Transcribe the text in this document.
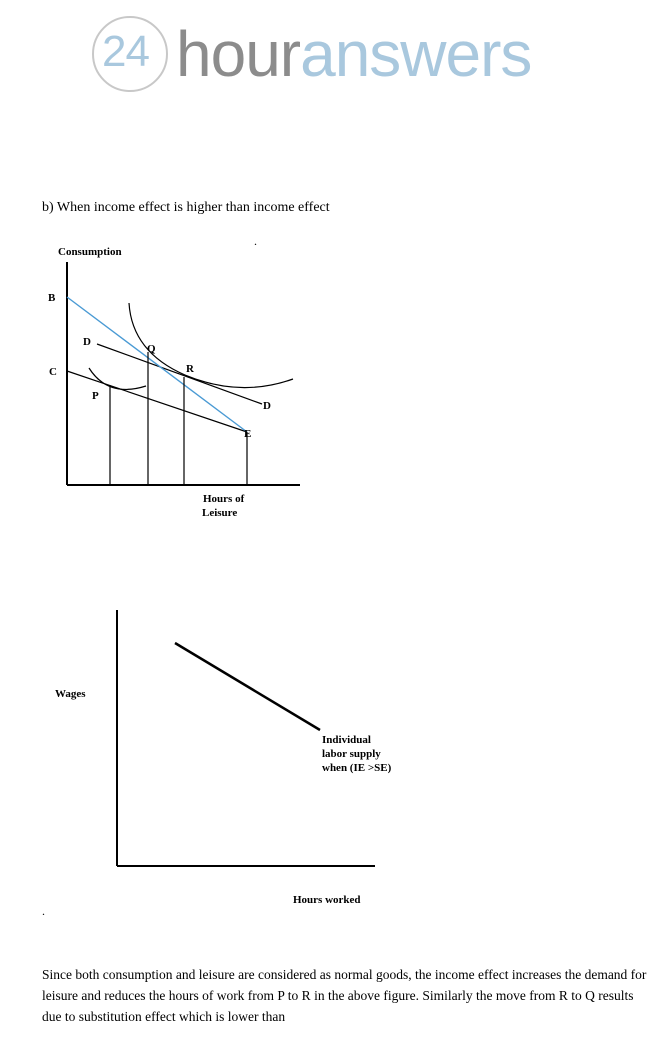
24 houranswers
b) When income effect is higher than income effect
.
Consumption
Hours of
Leisure
B
C
D
D
P
Q
R
E
Wages
Hours worked
Individual
labor supply
when (IE >SE)
.
Since both consumption and leisure are considered as normal goods, the income effect increases the demand for leisure and reduces the hours of work from P to R in the above figure. Similarly the move from R to Q results due to substitution effect which is lower than
